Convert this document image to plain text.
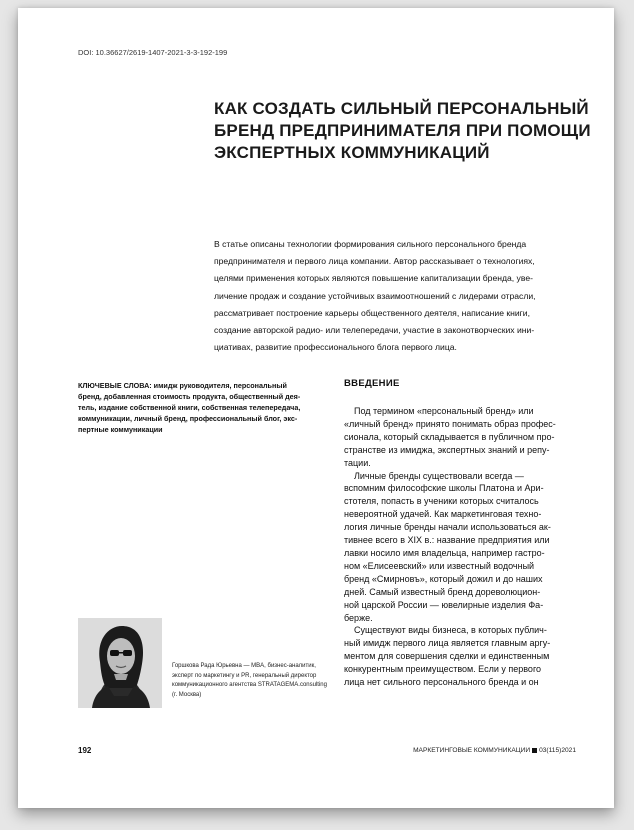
DOI: 10.36627/2619-1407-2021-3-3-192-199
КАК СОЗДАТЬ СИЛЬНЫЙ ПЕРСОНАЛЬНЫЙ
БРЕНД ПРЕДПРИНИМАТЕЛЯ ПРИ ПОМОЩИ
ЭКСПЕРТНЫХ КОММУНИКАЦИЙ
В статье описаны технологии формирования сильного персонального бренда
предпринимателя и первого лица компании. Автор рассказывает о технологиях,
целями применения которых являются повышение капитализации бренда, уве-
личение продаж и создание устойчивых взаимоотношений с лидерами отрасли,
рассматривает построение карьеры общественного деятеля, написание книги,
создание авторской радио- или телепередачи, участие в законотворческих ини-
циативах, развитие профессионального блога первого лица.
КЛЮЧЕВЫЕ СЛОВА: имидж руководителя, персональный
бренд, добавленная стоимость продукта, общественный дея-
тель, издание собственной книги, собственная телепередача,
коммуникации, личный бренд, профессиональный блог, экс-
пертные коммуникации
ВВЕДЕНИЕ
Под термином «персональный бренд» или
«личный бренд» принято понимать образ профес-
сионала, который складывается в публичном про-
странстве из имиджа, экспертных знаний и репу-
тации.
Личные бренды существовали всегда —
вспомним философские школы Платона и Ари-
стотеля, попасть в ученики которых считалось
невероятной удачей. Как маркетинговая техно-
логия личные бренды начали использоваться ак-
тивнее всего в XIX в.: название предприятия или
лавки носило имя владельца, например гастро-
ном «Елисеевский» или известный водочный
бренд «Смирновъ», который дожил и до наших
дней. Самый известный бренд дореволюцион-
ной царской России — ювелирные изделия Фа-
берже.
Существуют виды бизнеса, в которых публич-
ный имидж первого лица является главным аргу-
ментом для совершения сделки и единственным
конкурентным преимуществом. Если у первого
лица нет сильного персонального бренда и он
Горшкова Рада Юрьевна — MBA, бизнес-аналитик,
эксперт по маркетингу и PR, генеральный директор
коммуникационного агентства STRATAGEMA.consulting
(г. Москва)
192	МАРКЕТИНГОВЫЕ КОММУНИКАЦИИ 03(115)2021
